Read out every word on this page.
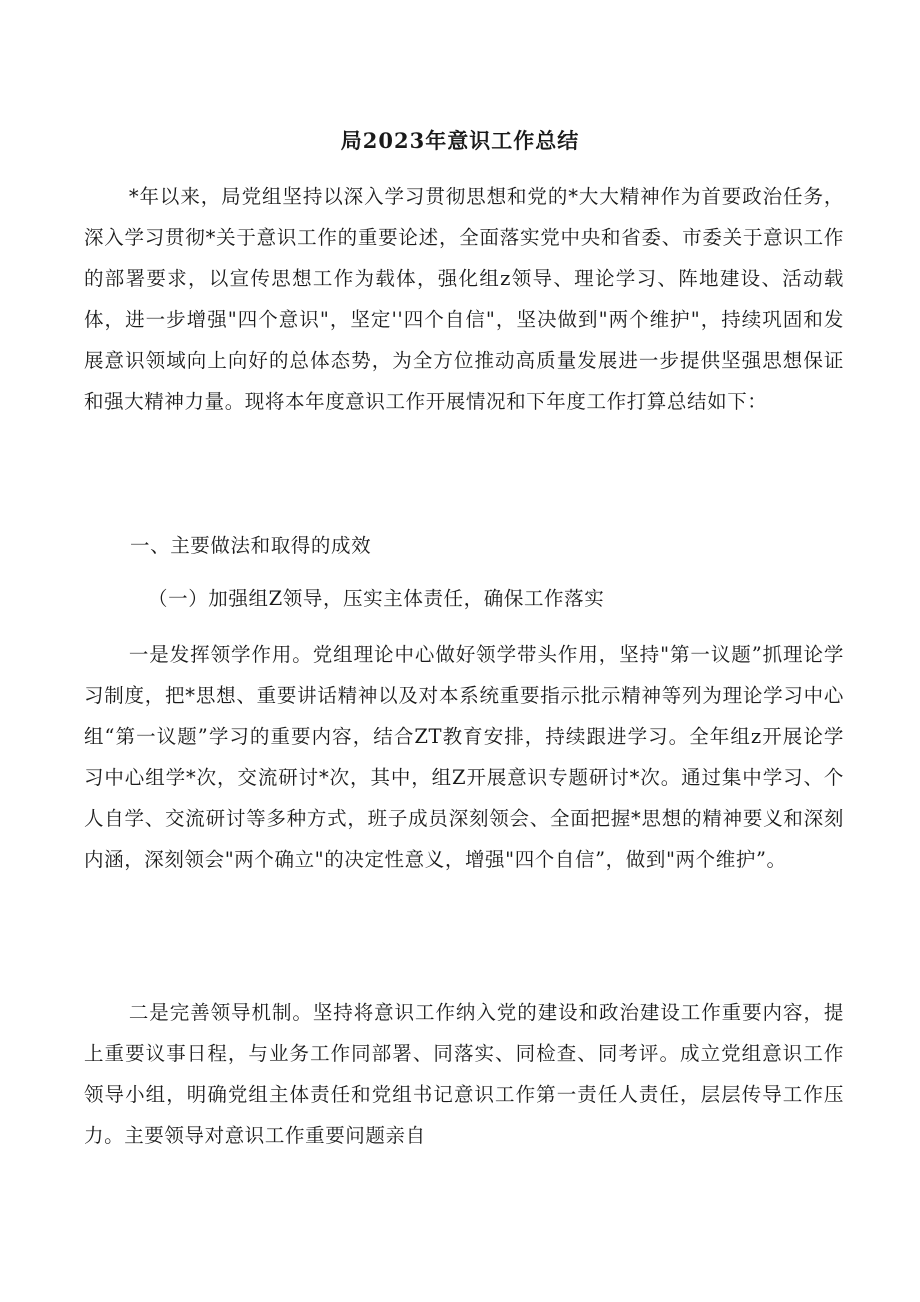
局2023年意识工作总结
*年以来，局党组坚持以深入学习贯彻思想和党的*大大精神作为首要政治任务，深入学习贯彻*关于意识工作的重要论述，全面落实党中央和省委、市委关于意识工作的部署要求，以宣传思想工作为载体，强化组z领导、理论学习、阵地建设、活动载体，进一步增强"四个意识"，坚定''四个自信"，坚决做到"两个维护"，持续巩固和发展意识领域向上向好的总体态势，为全方位推动高质量发展进一步提供坚强思想保证和强大精神力量。现将本年度意识工作开展情况和下年度工作打算总结如下：
一、主要做法和取得的成效
（一）加强组Z领导，压实主体责任，确保工作落实
一是发挥领学作用。党组理论中心做好领学带头作用，坚持"第一议题”抓理论学习制度，把*思想、重要讲话精神以及对本系统重要指示批示精神等列为理论学习中心组“第一议题”学习的重要内容，结合ZT教育安排，持续跟进学习。全年组z开展论学习中心组学*次，交流研讨*次，其中，组Z开展意识专题研讨*次。通过集中学习、个人自学、交流研讨等多种方式，班子成员深刻领会、全面把握*思想的精神要义和深刻内涵，深刻领会"两个确立"的决定性意义，增强"四个自信”，做到"两个维护”。
二是完善领导机制。坚持将意识工作纳入党的建设和政治建设工作重要内容，提上重要议事日程，与业务工作同部署、同落实、同检查、同考评。成立党组意识工作领导小组，明确党组主体责任和党组书记意识工作第一责任人责任，层层传导工作压力。主要领导对意识工作重要问题亲自
